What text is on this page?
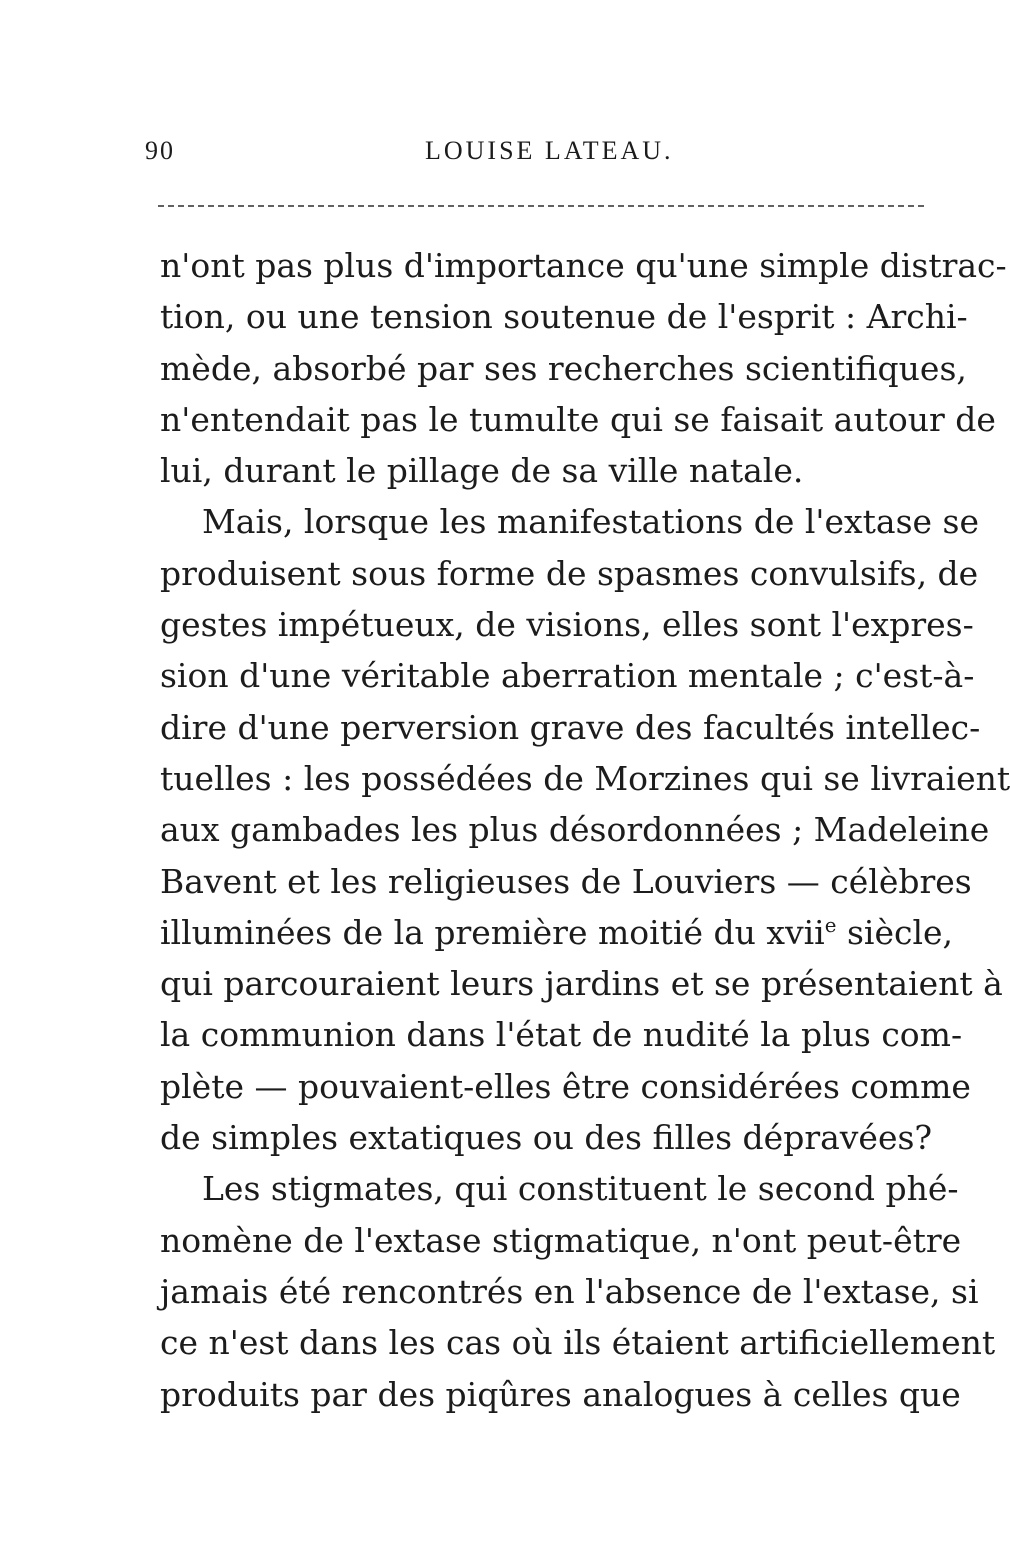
90	LOUISE LATEAU.
n'ont pas plus d'importance qu'une simple distrac-
tion, ou une tension soutenue de l'esprit : Archi-
mède, absorbé par ses recherches scientifiques,
n'entendait pas le tumulte qui se faisait autour de
lui, durant le pillage de sa ville natale.
Mais, lorsque les manifestations de l'extase se
produisent sous forme de spasmes convulsifs, de
gestes impétueux, de visions, elles sont l'expres-
sion d'une véritable aberration mentale ; c'est-à-
dire d'une perversion grave des facultés intellec-
tuelles : les possédées de Morzines qui se livraient
aux gambades les plus désordonnées ; Madeleine
Bavent et les religieuses de Louviers — célèbres
illuminées de la première moitié du xvii$^e$ siècle,
qui parcouraient leurs jardins et se présentaient à
la communion dans l'état de nudité la plus com-
plète — pouvaient-elles être considérées comme
de simples extatiques ou des filles dépravées?
Les stigmates, qui constituent le second phé-
nomène de l'extase stigmatique, n'ont peut-être
jamais été rencontrés en l'absence de l'extase, si
ce n'est dans les cas où ils étaient artificiellement
produits par des piqûres analogues à celles que
